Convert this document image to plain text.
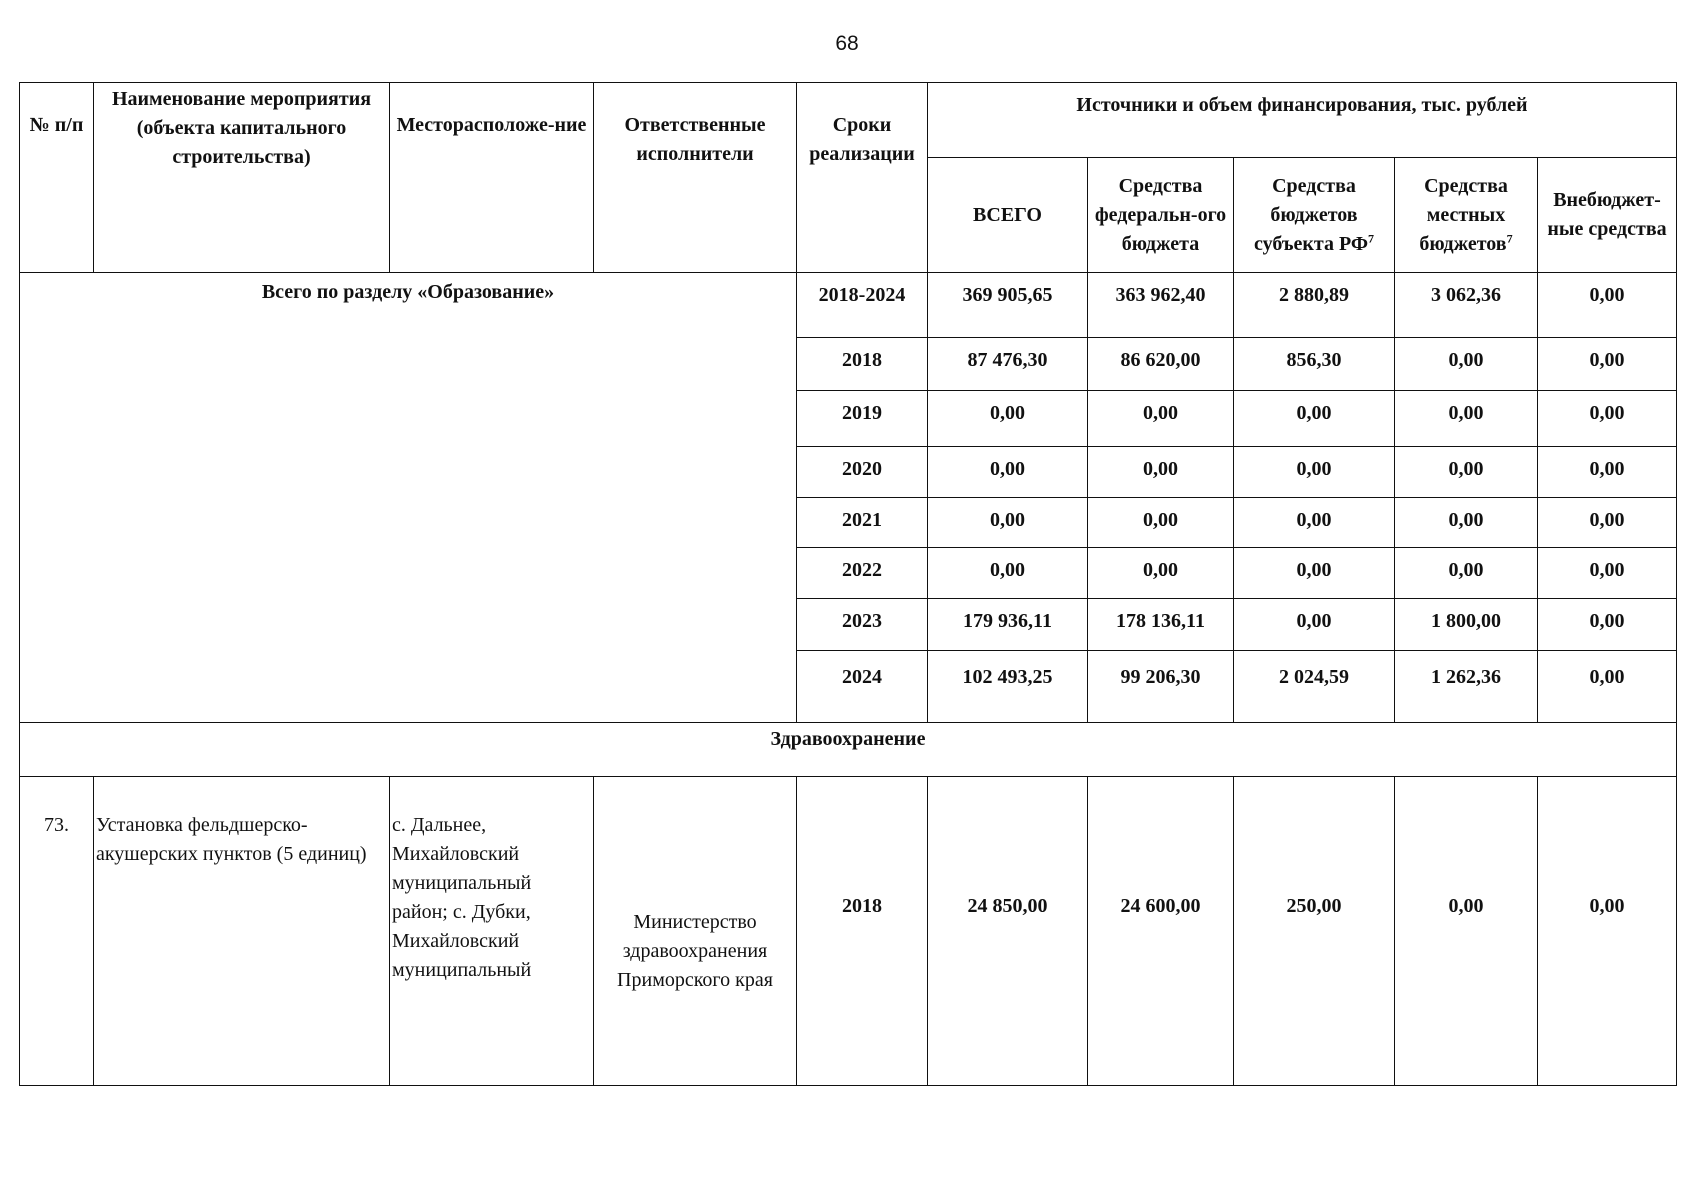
68
№ п/п	Наименование мероприятия (объекта капитального строительства)	Месторасположе-ние	Ответственные исполнители	Сроки реализации	Источники и объем финансирования, тыс. рублей				
					ВСЕГО	Средства федеральн-ого бюджета	Средства бюджетов субъекта $РФ^7$	Средства местных бюджетов$^7$	Внебюджет-ные средства
Всего по разделу «Образование»				2018-2024	369 905,65	363 962,40	2 880,89	3 062,36	0,00
				2018	87 476,30	86 620,00	856,30	0,00	0,00
				2019	0,00	0,00	0,00	0,00	0,00
				2020	0,00	0,00	0,00	0,00	0,00
				2021	0,00	0,00	0,00	0,00	0,00
				2022	0,00	0,00	0,00	0,00	0,00
				2023	179 936,11	178 136,11	0,00	1 800,00	0,00
				2024	102 493,25	99 206,30	2 024,59	1 262,36	0,00
Здравоохранение									
73.	Установка фельдшерско-акушерских пунктов (5 единиц)	с. Дальнее, Михайловский муниципальный район; с. Дубки, Михайловский муниципальный	Министерство здравоохранения Приморского края	2018	24 850,00	24 600,00	250,00	0,00	0,00
